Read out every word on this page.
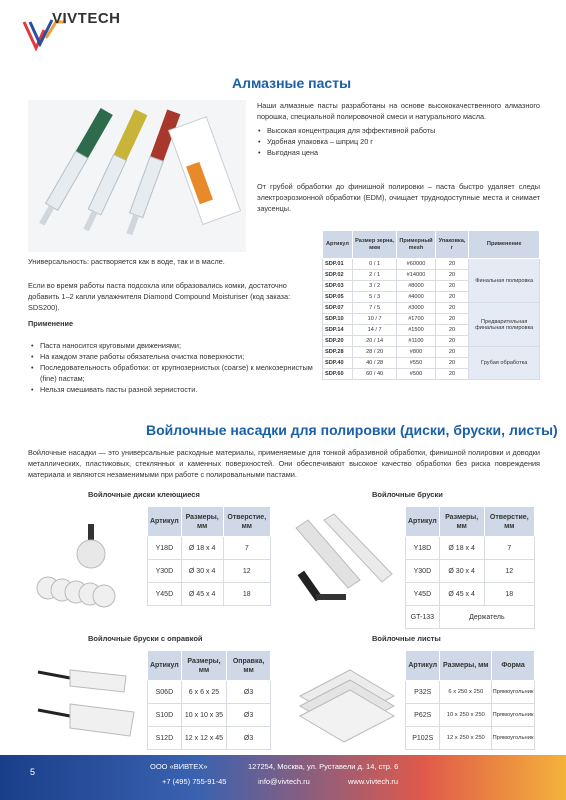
VIVTECH
Алмазные пасты
Наши алмазные пасты разработаны на основе высококачественного алмазного порошка, специальной полировочной смеси и натурального масла.
• Высокая концентрация для эффективной работы
• Удобная упаковка – шприц 20 г
• Выгодная цена
От грубой обработки до финишной полировки – паста быстро удаляет следы электроэрозионной обработки (EDM), очищает труднодоступные места и снимает заусенцы.
Универсальность: растворяется как в воде, так и в масле.
Если во время работы паста подсохла или образовались комки, достаточно добавить 1–2 капли увлажнителя Diamond Compound Moisturiser (код заказа: SDS200).
Применение
• Паста наносится круговыми движениями;
• На каждом этапе работы обязательна очистка поверхности;
• Последовательность обработки: от крупнозернистых (coarse) к мелкозернистым (fine) пастам;
• Нельзя смешивать пасты разной зернистости.
Артикул	Размер зерна, мкм	Примерный mesh	Упаковка, г	Применение
SDP.01	0 / 1	#60000	20	Финальная полировка
SDP.02	2 / 1	#14000	20	
SDP.03	3 / 2	#8000	20	
SDP.05	5 / 3	#4000	20	
SDP.07	7 / 5	#3000	20	Предварительная финальная полировка
SDP.10	10 / 7	#1700	20	
SDP.14	14 / 7	#1500	20	
SDP.20	20 / 14	#1100	20	
SDP.28	28 / 20	#800	20	Грубая обработка
SDP.40	40 / 28	#550	20	
SDP.60	60 / 40	#500	20	
Войлочные насадки для полировки (диски, бруски, листы)
Войлочные насадки — это универсальные расходные материалы, применяемые для тонкой абразивной обработки, финишной полировки и доводки металлических, пластиковых, стеклянных и каменных поверхностей. Они обеспечивают высокое качество обработки без риска повреждения материала и являются незаменимыми при работе с полировальными пастами.
Войлочные диски клеющиеся
Артикул	Размеры, мм	Отверстие, мм
Y18D	Ø 18 x 4	7
Y30D	Ø 30 x 4	12
Y45D	Ø 45 x 4	18
Войлочные бруски
Артикул	Размеры, мм	Отверстие, мм
Y18D	Ø 18 x 4	7
Y30D	Ø 30 x 4	12
Y45D	Ø 45 x 4	18
GT-133	Держатель	
Войлочные бруски с оправкой
Артикул	Размеры, мм	Оправка, мм
S06D	6 x 6 x 25	Ø3
S10D	10 x 10 x 35	Ø3
S12D	12 x 12 x 45	Ø3
Войлочные листы
Артикул	Размеры, мм	Форма
P32S	6 x 250 x 250	Прямоугольник
P62S	10 x 250 x 250	Прямоугольник
P102S	12 x 250 x 250	Прямоугольник
5
ООО «ВИВТЕХ»	127254, Москва, ул. Руставели д. 14, стр. 6
+7 (495) 755-91-45	info@vivtech.ru	www.vivtech.ru
